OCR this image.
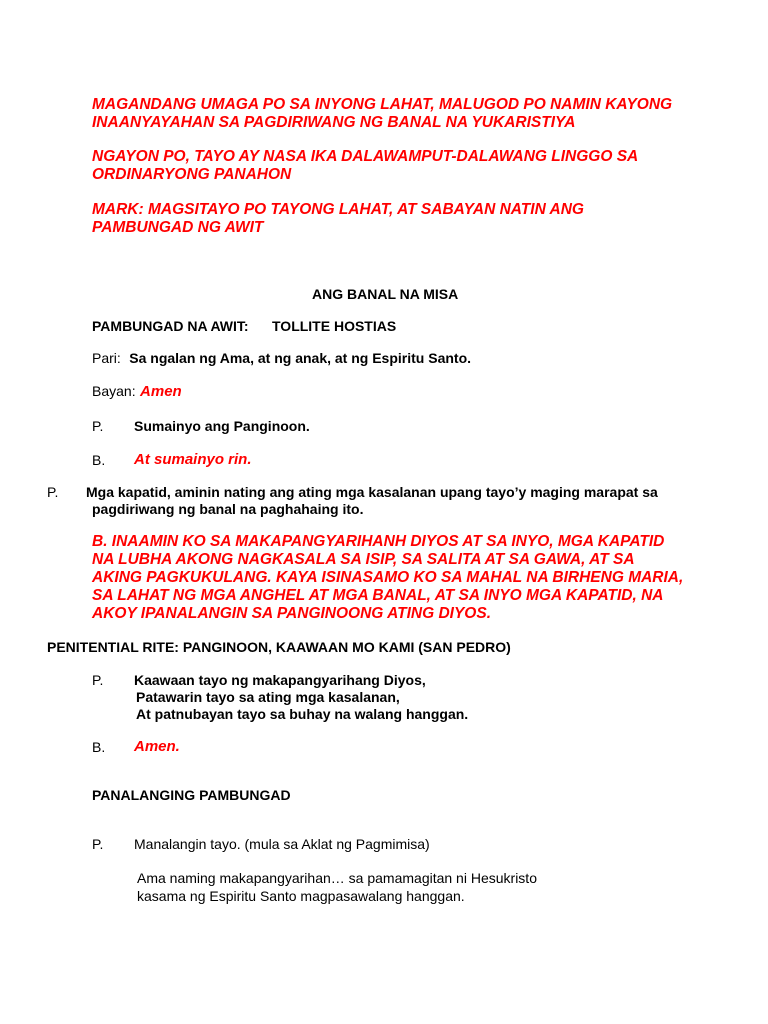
MAGANDANG UMAGA PO SA INYONG LAHAT, MALUGOD PO NAMIN KAYONG
INAANYAYAHAN SA PAGDIRIWANG NG BANAL NA YUKARISTIYA
NGAYON PO, TAYO AY NASA IKA DALAWAMPUT-DALAWANG LINGGO SA
ORDINARYONG PANAHON
MARK: MAGSITAYO PO TAYONG LAHAT, AT SABAYAN NATIN ANG
PAMBUNGAD NG AWIT
ANG BANAL NA MISA
PAMBUNGAD NA AWIT: TOLLITE HOSTIAS
Pari: Sa ngalan ng Ama, at ng anak, at ng Espiritu Santo.
Bayan: Amen
P. Sumainyo ang Panginoon.
B. At sumainyo rin.
P. Mga kapatid, aminin nating ang ating mga kasalanan upang tayo’y maging marapat sa
pagdiriwang ng banal na paghahaing ito.
B. INAAMIN KO SA MAKAPANGYARIHANH DIYOS AT SA INYO, MGA KAPATID
NA LUBHA AKONG NAGKASALA SA ISIP, SA SALITA AT SA GAWA, AT SA
AKING PAGKUKULANG. KAYA ISINASAMO KO SA MAHAL NA BIRHENG MARIA,
SA LAHAT NG MGA ANGHEL AT MGA BANAL, AT SA INYO MGA KAPATID, NA
AKOY IPANALANGIN SA PANGINOONG ATING DIYOS.
PENITENTIAL RITE: PANGINOON, KAAWAAN MO KAMI (SAN PEDRO)
P. Kaawaan tayo ng makapangyarihang Diyos,
Patawarin tayo sa ating mga kasalanan,
At patnubayan tayo sa buhay na walang hanggan.
B. Amen.
PANALANGING PAMBUNGAD
P. Manalangin tayo. (mula sa Aklat ng Pagmimisa)
Ama naming makapangyarihan… sa pamamagitan ni Hesukristo
kasama ng Espiritu Santo magpasawalang hanggan.
